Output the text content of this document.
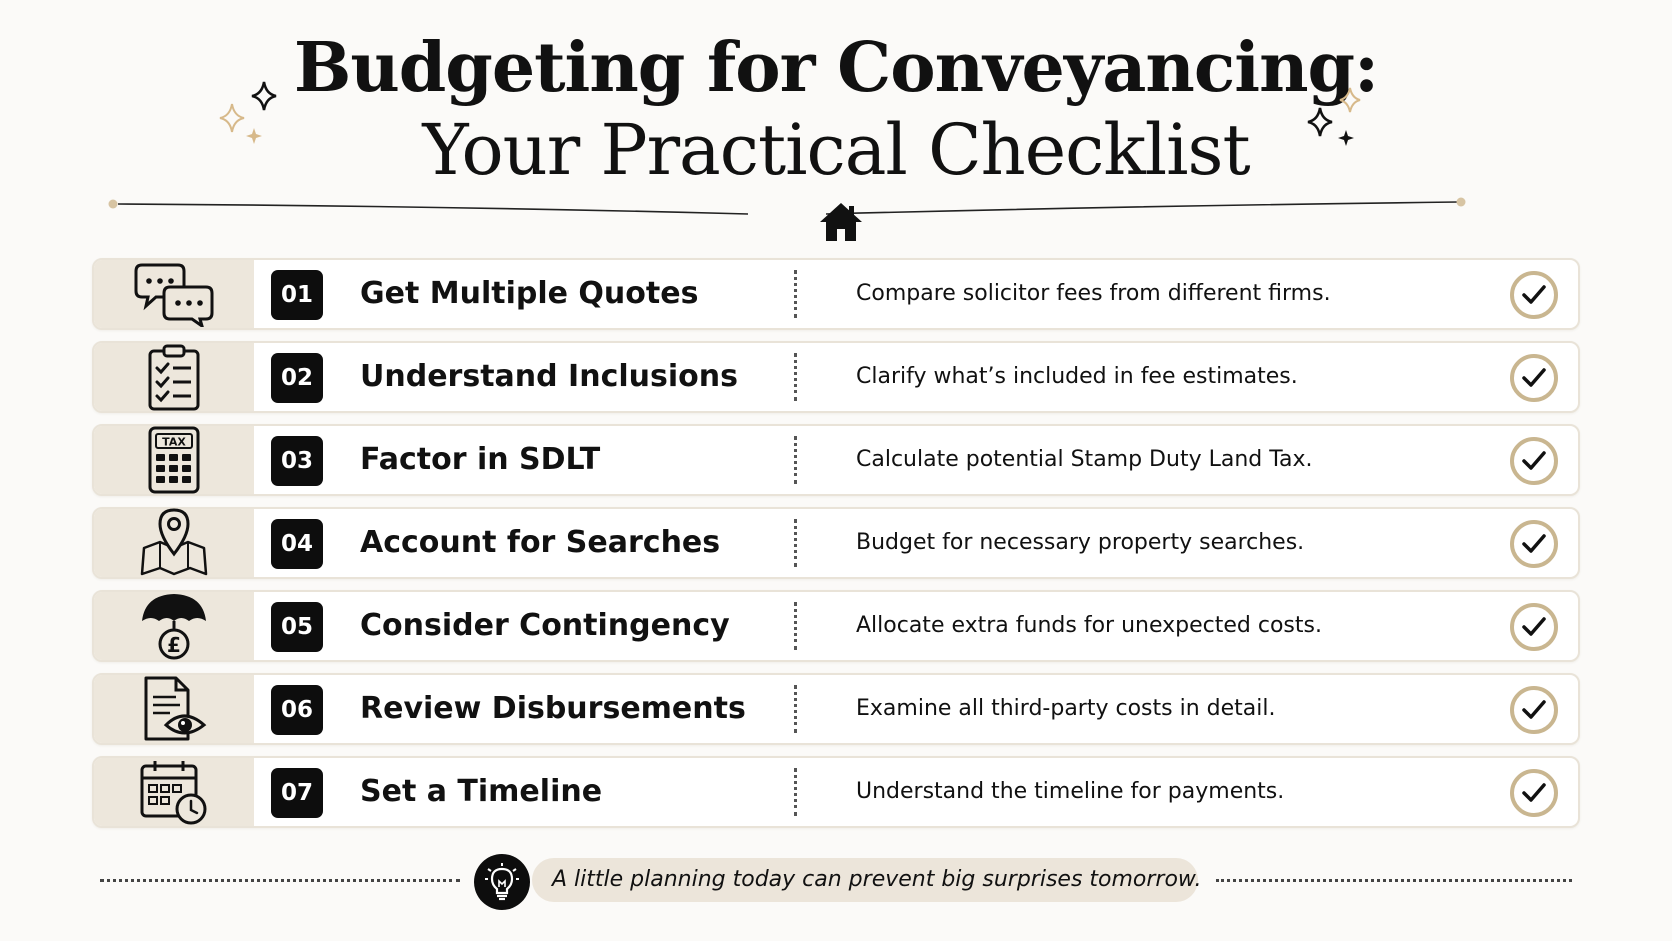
Budgeting for Conveyancing:
Your Practical Checklist
01	Get Multiple Quotes	Compare solicitor fees from different firms.
02	Understand Inclusions	Clarify what’s included in fee estimates.
TAX
03	Factor in SDLT	Calculate potential Stamp Duty Land Tax.
04	Account for Searches	Budget for necessary property searches.
£
05	Consider Contingency	Allocate extra funds for unexpected costs.
06	Review Disbursements	Examine all third-party costs in detail.
07	Set a Timeline	Understand the timeline for payments.
A little planning today can prevent big surprises tomorrow.
